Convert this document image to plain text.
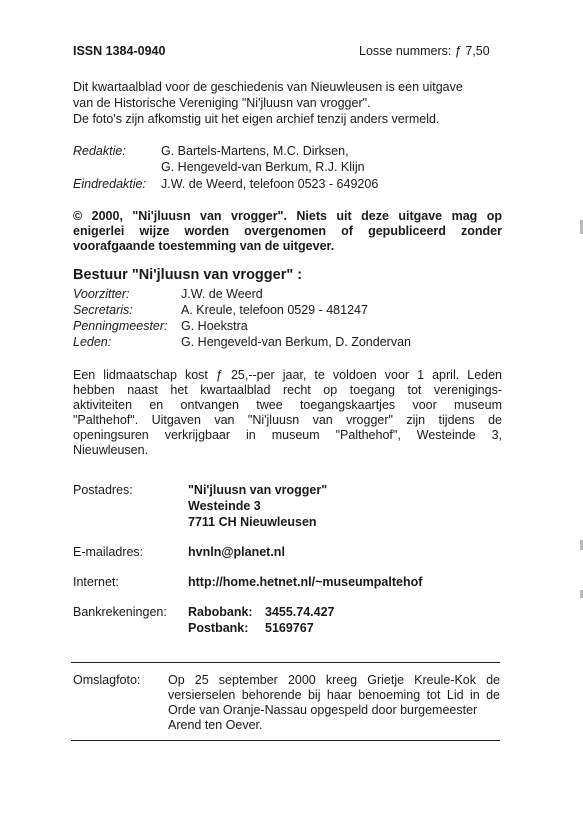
ISSN 1384-0940	Losse nummers: ƒ 7,50
Dit kwartaalblad voor de geschiedenis van Nieuwleusen is een uitgave
van de Historische Vereniging "Ni'jluusn van vrogger".
De foto's zijn afkomstig uit het eigen archief tenzij anders vermeld.
Redaktie:	G. Bartels-Martens, M.C. Dirksen,
G. Hengeveld-van Berkum, R.J. Klijn
Eindredaktie: J.W. de Weerd, telefoon 0523 - 649206
© 2000, "Ni'jluusn van vrogger". Niets uit deze uitgave mag op
enigerlei wijze worden overgenomen of gepubliceerd zonder
voorafgaande toestemming van de uitgever.
Bestuur "Ni'jluusn van vrogger" :
Voorzitter:	J.W. de Weerd
Secretaris:	A. Kreule, telefoon 0529 - 481247
Penningmeester: G. Hoekstra
Leden:	G. Hengeveld-van Berkum, D. Zondervan
Een lidmaatschap kost ƒ 25,--per jaar, te voldoen voor 1 april. Leden
hebben naast het kwartaalblad recht op toegang tot verenigings-
aktiviteiten en ontvangen twee toegangskaartjes voor museum
"Palthehof". Uitgaven van "Ni'jluusn van vrogger" zijn tijdens de
openingsuren verkrijgbaar in museum "Palthehof", Westeinde 3,
Nieuwleusen.
Postadres:	"Ni'jluusn van vrogger"
Westeinde 3
7711 CH Nieuwleusen
E-mailadres:	hvnln@planet.nl
Internet:	http://home.hetnet.nl/~museumpaltehof
Bankrekeningen: Rabobank: 3455.74.427
Postbank: 5169767
Omslagfoto: Op 25 september 2000 kreeg Grietje Kreule-Kok de
versierselen behorende bij haar benoeming tot Lid in de
Orde van Oranje-Nassau opgespeld door burgemeester
Arend ten Oever.
